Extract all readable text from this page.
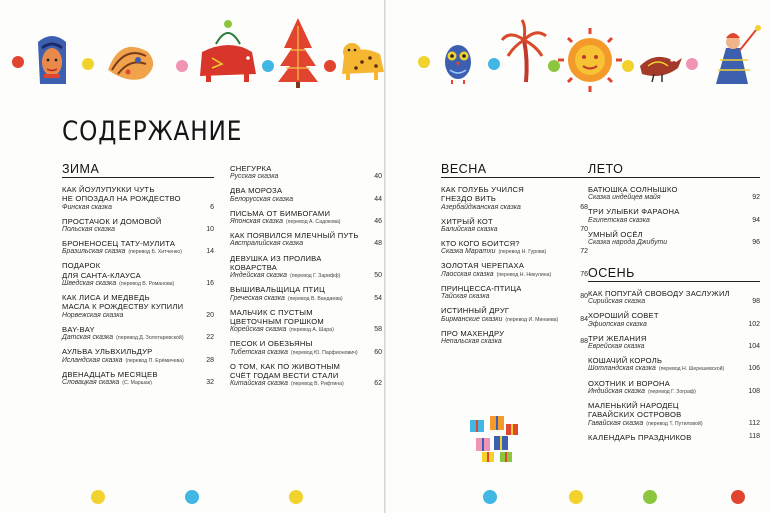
СОДЕРЖАНИЕ
ЗИМА
КАК ЙОУЛУПУККИ ЧУТЬ
НЕ ОПОЗДАЛ НА РОЖДЕСТВО
Финская сказка	6
ПРОСТАЧОК И ДОМОВОЙ
Польская сказка	10
БРОНЕНОСЕЦ ТАТУ-МУЛИТА
Бразильская сказка (перевод Б. Хитченко)	14
ПОДАРОК
ДЛЯ САНТА-КЛАУСА
Шведская сказка (перевод В. Романова)	16
КАК ЛИСА И МЕДВЕДЬ
МАСЛА К РОЖДЕСТВУ КУПИЛИ
Норвежская сказка	20
BAY-BAY
Датская сказка (перевод Д. Золотаревской)	22
АУЛЬВА УЛЬВХИЛЬДУР
Исландская сказка (перевод П. Ерёмичева)	28
ДВЕНАДЦАТЬ МЕСЯЦЕВ
Словацкая сказка (С. Маршак)	32
СНЕГУРКА
Русская сказка	40
ДВА МОРОЗА
Белорусская сказка	44
ПИСЬМА ОТ БИМБОГАМИ
Японская сказка (перевод А. Садокова)	46
КАК ПОЯВИЛСЯ МЛЕЧНЫЙ ПУТЬ
Австралийская сказка	48
ДЕВУШКА ИЗ ПРОЛИВА
КОВАРСТВА
Индейская сказка (перевод Г. Зарифф)	50
ВЫШИВАЛЬЩИЦА ПТИЦ
Греческая сказка (перевод В. Вандаева)	54
МАЛЬЧИК С ПУСТЫМ
ЦВЕТОЧНЫМ ГОРШКОМ
Корейская сказка (перевод А. Шара)	58
ПЕСОК И ОБЕЗЬЯНЫ
Тибетская сказка (перевод Ю. Парфионович)	60
О ТОМ, КАК ПО ЖИВОТНЫМ
СЧЁТ ГОДАМ ВЕСТИ СТАЛИ
Китайская сказка (перевод В. Рифтина)	62
ВЕСНА
КАК ГОЛУБЬ УЧИЛСЯ
ГНЕЗДО ВИТЬ
Азербайджанская сказка	68
ХИТРЫЙ КОТ
Балийская сказка	70
КТО КОГО БОИТСЯ?
Сказка Маратхи (перевод Н. Гурова)	72
ЗОЛОТАЯ ЧЕРЕПАХА
Лаосская сказка (перевод Н. Никулина)	76
ПРИНЦЕССА-ПТИЦА
Тайская сказка	80
ИСТИННЫЙ ДРУГ
Бирманские сказки (перевод И. Минаева)	84
ПРО МАХЕНДРУ
Непальская сказка	88
ЛЕТО
БАТЮШКА СОЛНЫШКО
Сказка индейцев майя	92
ТРИ УЛЫБКИ ФАРАОНА
Египетская сказка	94
УМНЫЙ ОСЁЛ
Сказка народа Джибути	96
ОСЕНЬ
КАК ПОПУГАЙ СВОБОДУ ЗАСЛУЖИЛ
Сирийская сказка	98
ХОРОШИЙ СОВЕТ
Эфиопская сказка	102
ТРИ ЖЕЛАНИЯ
Еврейская сказка	104
КОШАЧИЙ КОРОЛЬ
Шотландская сказка (перевод Н. Шерешевской)	106
ОХОТНИК И ВОРОНА
Индийская сказка (перевод Г. Зограф)	108
МАЛЕНЬКИЙ НАРОДЕЦ
ГАВАЙСКИХ ОСТРОВОВ
Гавайская сказка (перевод Т. Путиловой)	112
КАЛЕНДАРЬ ПРАЗДНИКОВ	118
